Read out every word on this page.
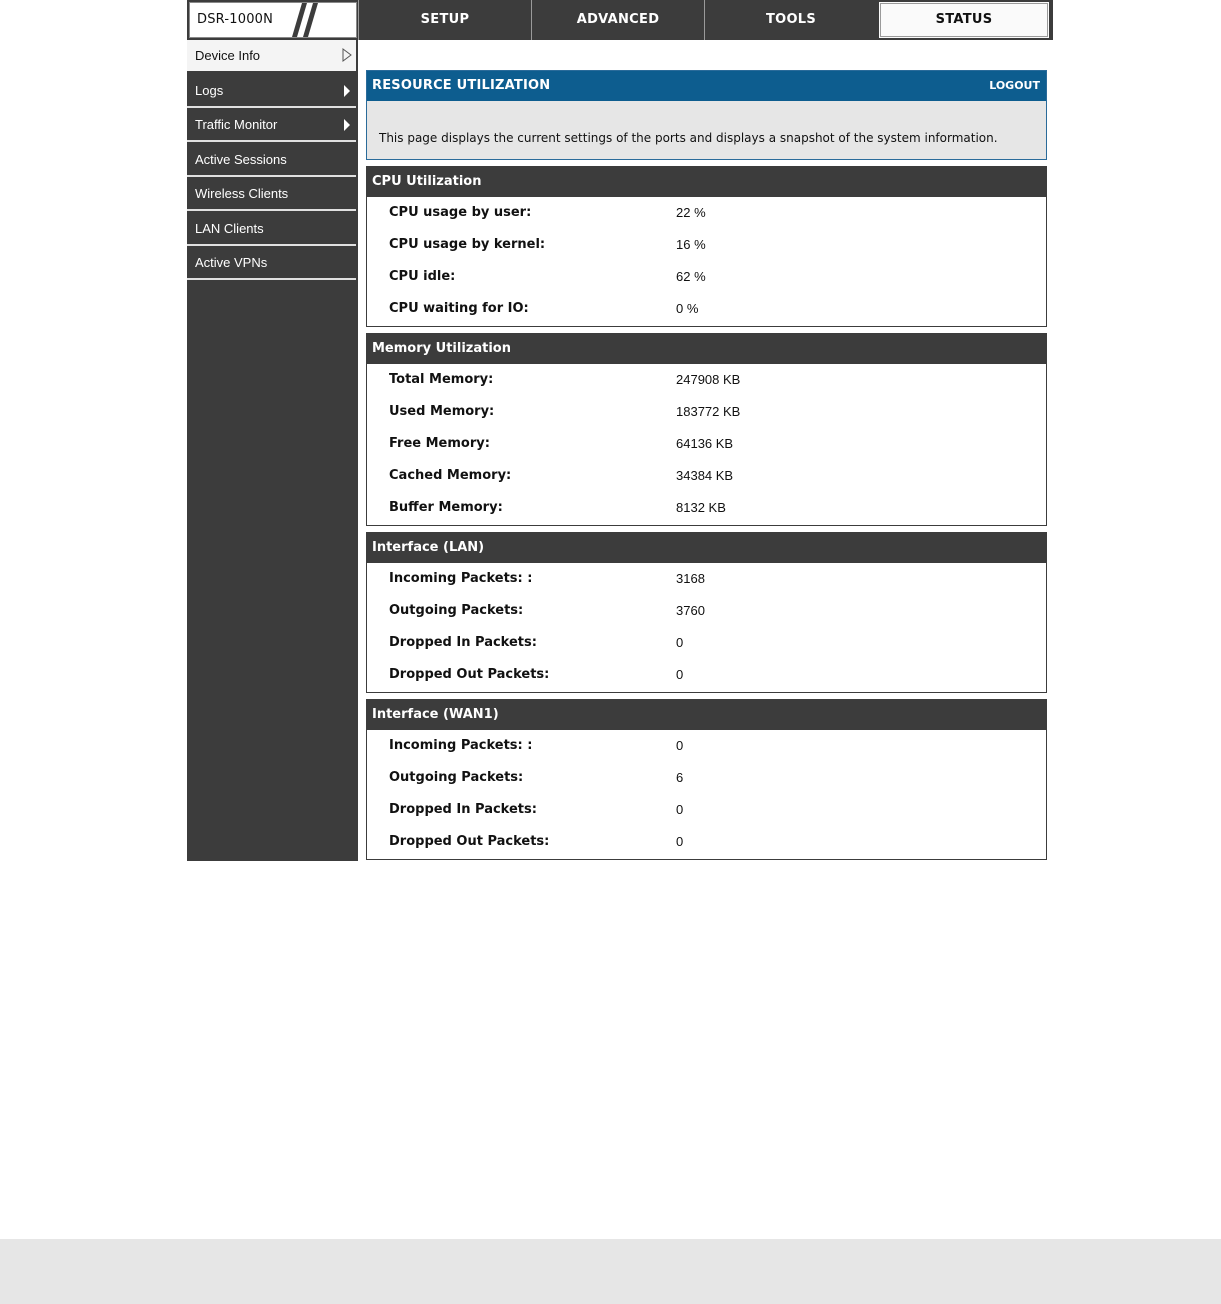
DSR-1000N	SETUP	ADVANCED	TOOLS	STATUS
Device Info
Logs
Traffic Monitor
Active Sessions
Wireless Clients
LAN Clients
Active VPNs
RESOURCE UTILIZATION	LOGOUT
This page displays the current settings of the ports and displays a snapshot of the system information.
CPU Utilization
CPU usage by user:	22 %
CPU usage by kernel:	16 %
CPU idle:	62 %
CPU waiting for IO:	0 %
Memory Utilization
Total Memory:	247908 KB
Used Memory:	183772 KB
Free Memory:	64136 KB
Cached Memory:	34384 KB
Buffer Memory:	8132 KB
Interface (LAN)
Incoming Packets: :	3168
Outgoing Packets:	3760
Dropped In Packets:	0
Dropped Out Packets:	0
Interface (WAN1)
Incoming Packets: :	0
Outgoing Packets:	6
Dropped In Packets:	0
Dropped Out Packets:	0
